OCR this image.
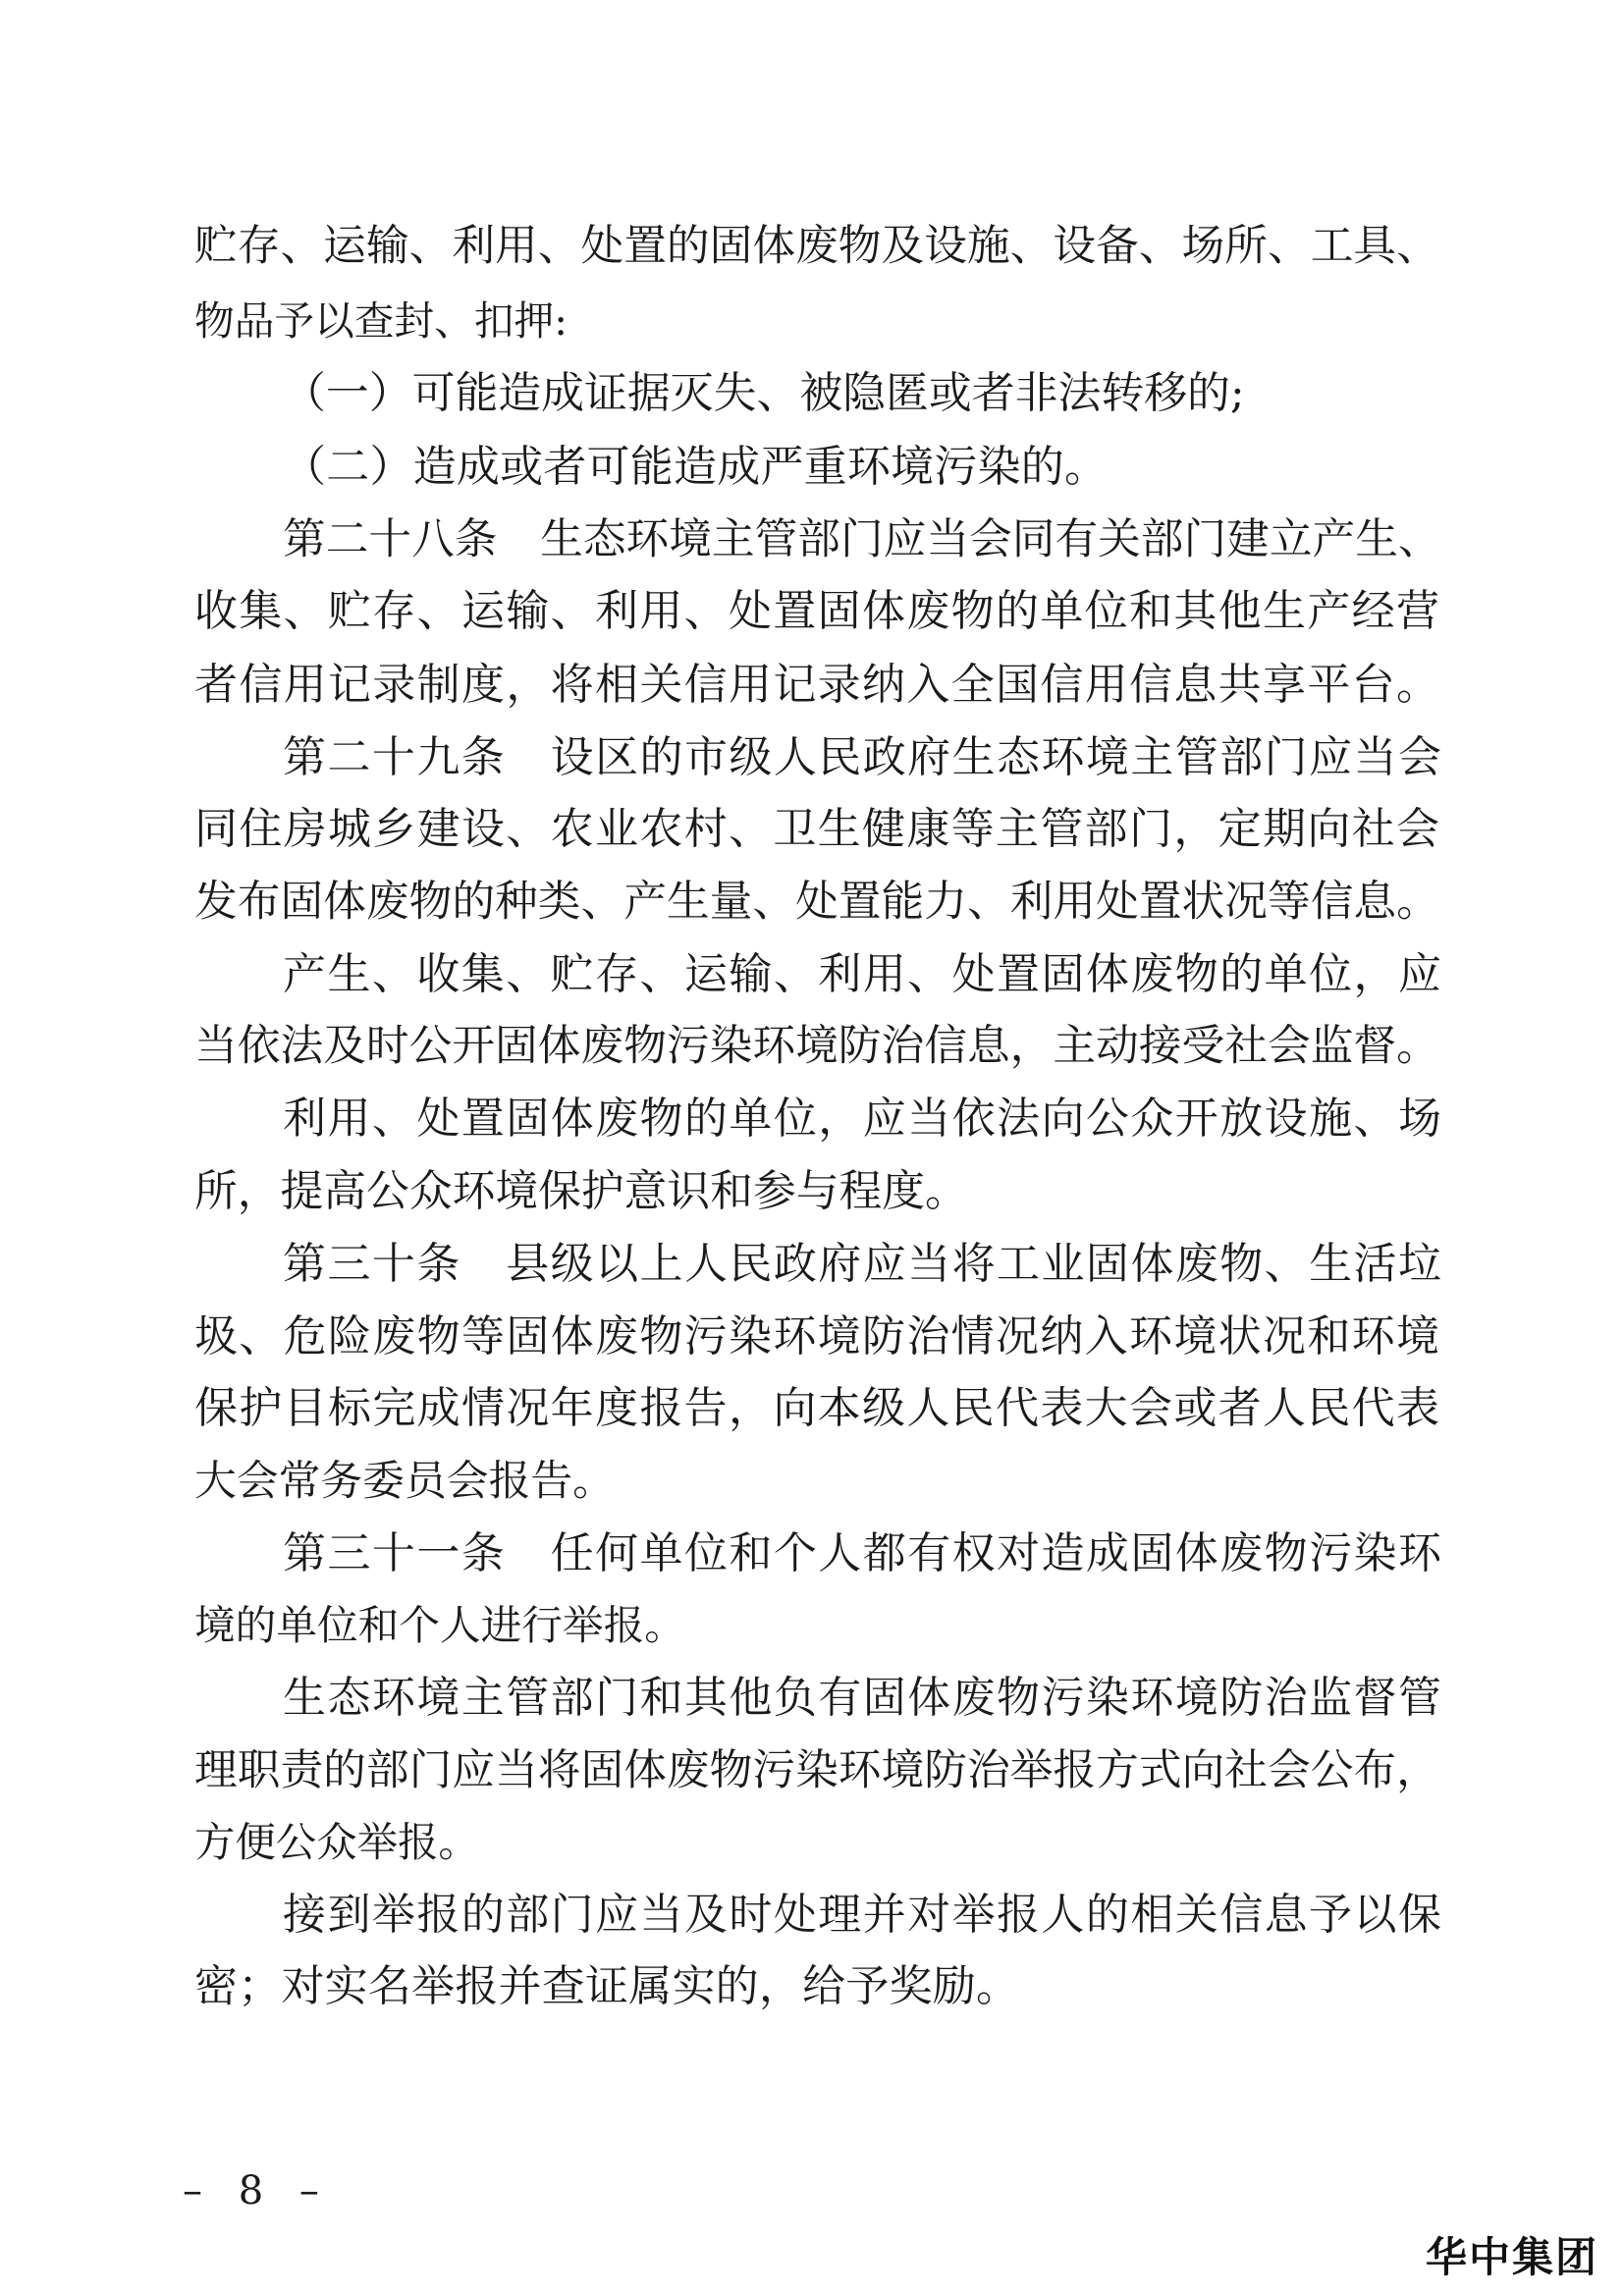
贮存、运输、利用、处置的固体废物及设施、设备、场所、工具、
物品予以查封、扣押:
（一）可能造成证据灭失、被隐匿或者非法转移的;
（二）造成或者可能造成严重环境污染的。
第二十八条　生态环境主管部门应当会同有关部门建立产生、
收集、贮存、运输、利用、处置固体废物的单位和其他生产经营
者信用记录制度，将相关信用记录纳入全国信用信息共享平台。
第二十九条　设区的市级人民政府生态环境主管部门应当会
同住房城乡建设、农业农村、卫生健康等主管部门，定期向社会
发布固体废物的种类、产生量、处置能力、利用处置状况等信息。
产生、收集、贮存、运输、利用、处置固体废物的单位，应
当依法及时公开固体废物污染环境防治信息，主动接受社会监督。
利用、处置固体废物的单位，应当依法向公众开放设施、场
所，提高公众环境保护意识和参与程度。
第三十条　县级以上人民政府应当将工业固体废物、生活垃
圾、危险废物等固体废物污染环境防治情况纳入环境状况和环境
保护目标完成情况年度报告，向本级人民代表大会或者人民代表
大会常务委员会报告。
第三十一条　任何单位和个人都有权对造成固体废物污染环
境的单位和个人进行举报。
生态环境主管部门和其他负有固体废物污染环境防治监督管
理职责的部门应当将固体废物污染环境防治举报方式向社会公布，
方便公众举报。
接到举报的部门应当及时处理并对举报人的相关信息予以保
密；对实名举报并查证属实的，给予奖励。
– 8 –
华中集团
